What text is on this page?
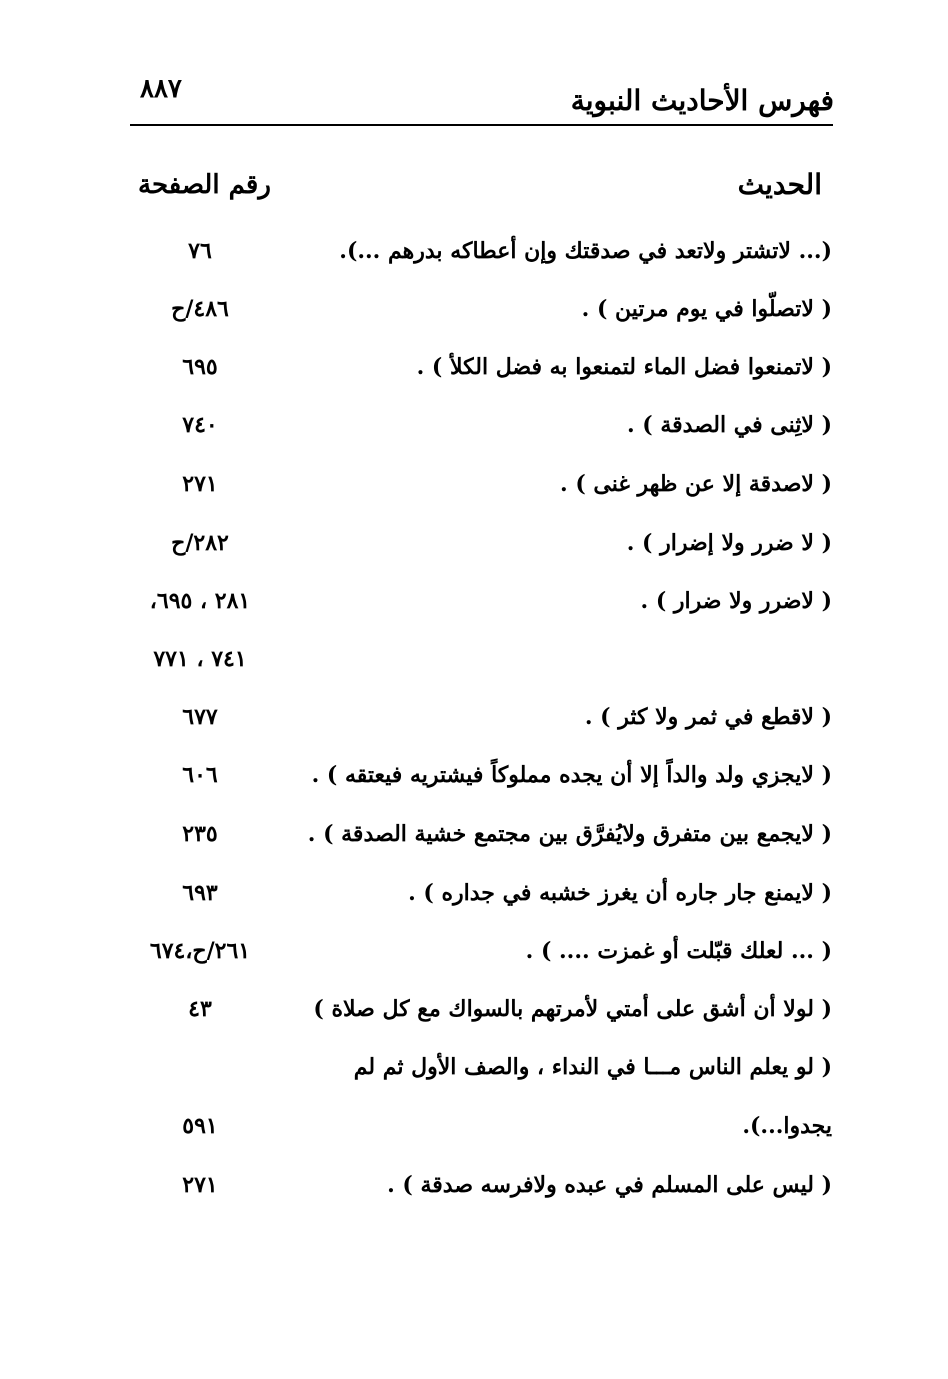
٨٨٧	فهرس الأحاديث النبوية
الحديث
رقم الصفحة
(... لاتشتر ولاتعد في صدقتك وإن أعطاكه بدرهم ...).
٧٦
( لاتصلّوا في يوم مرتين ) .
٤٨٦/ح
( لاتمنعوا فضل الماء لتمنعوا به فضل الكلأ ) .
٦٩٥
( لاثِنى في الصدقة ) .
٧٤٠
( لاصدقة إلا عن ظهر غنى ) .
٢٧١
( لا ضرر ولا إضرار ) .
٢٨٢/ح
( لاضرر ولا ضرار ) .
٢٨١ ، ٦٩٥،
٧٤١ ، ٧٧١
( لاقطع في ثمر ولا كثر ) .
٦٧٧
( لايجزي ولد والداً إلا أن يجده مملوكاً فيشتريه فيعتقه ) .
٦٠٦
( لايجمع بين متفرق ولايُفرَّق بين مجتمع خشية الصدقة ) .
٢٣٥
( لايمنع جار جاره أن يغرز خشبه في جداره ) .
٦٩٣
( ... لعلك قبّلت أو غمزت .... ) .
٢٦١/ح،٦٧٤
( لولا أن أشق على أمتي لأمرتهم بالسواك مع كل صلاة )
٤٣
( لو يعلم الناس مـــا في النداء ، والصف الأول ثم لم
يجدوا...).
٥٩١
( ليس على المسلم في عبده ولافرسه صدقة ) .
٢٧١
